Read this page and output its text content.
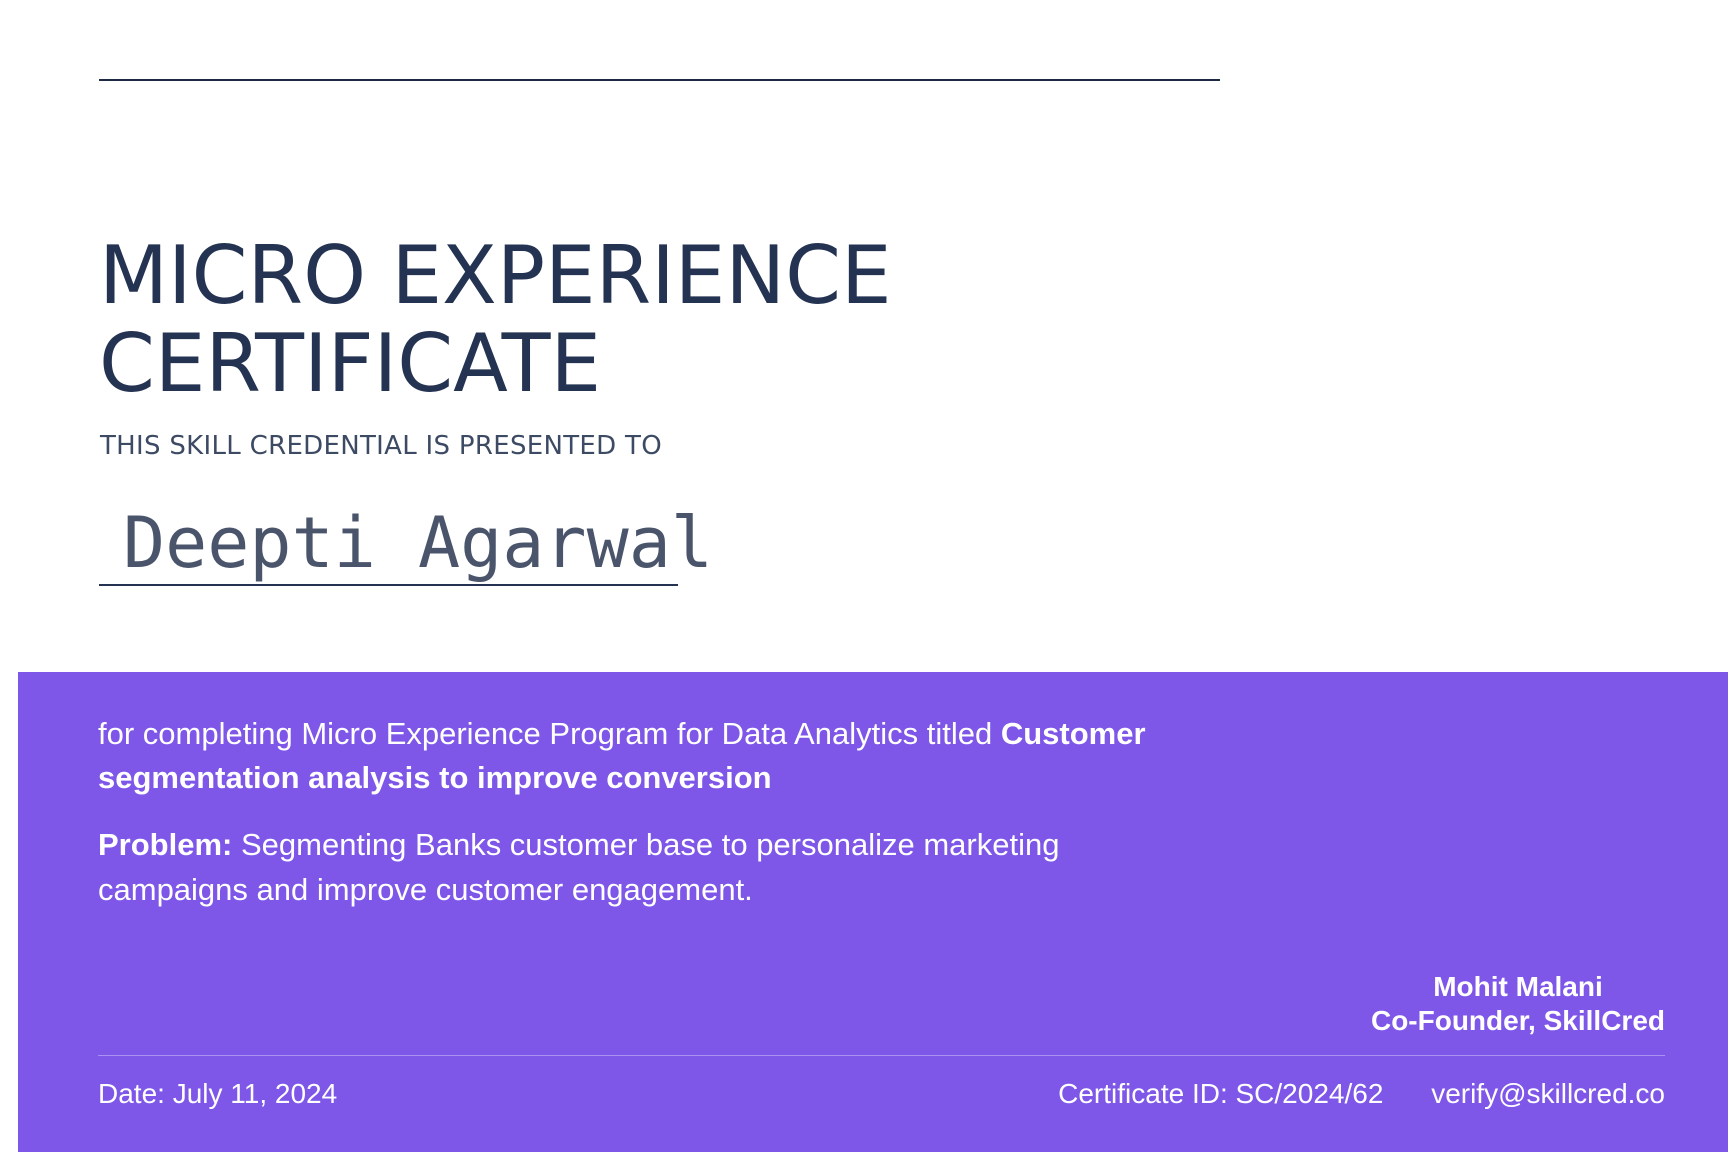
MICRO EXPERIENCE
CERTIFICATE
THIS SKILL CREDENTIAL IS PRESENTED TO
Deepti Agarwal

for completing Micro Experience Program for Data Analytics titled Customer segmentation analysis to improve conversion

Problem: Segmenting Banks customer base to personalize marketing campaigns and improve customer engagement.

Mohit Malani
Co-Founder, SkillCred
Date: July 11, 2024	Certificate ID: SC/2024/62 verify@skillcred.co
